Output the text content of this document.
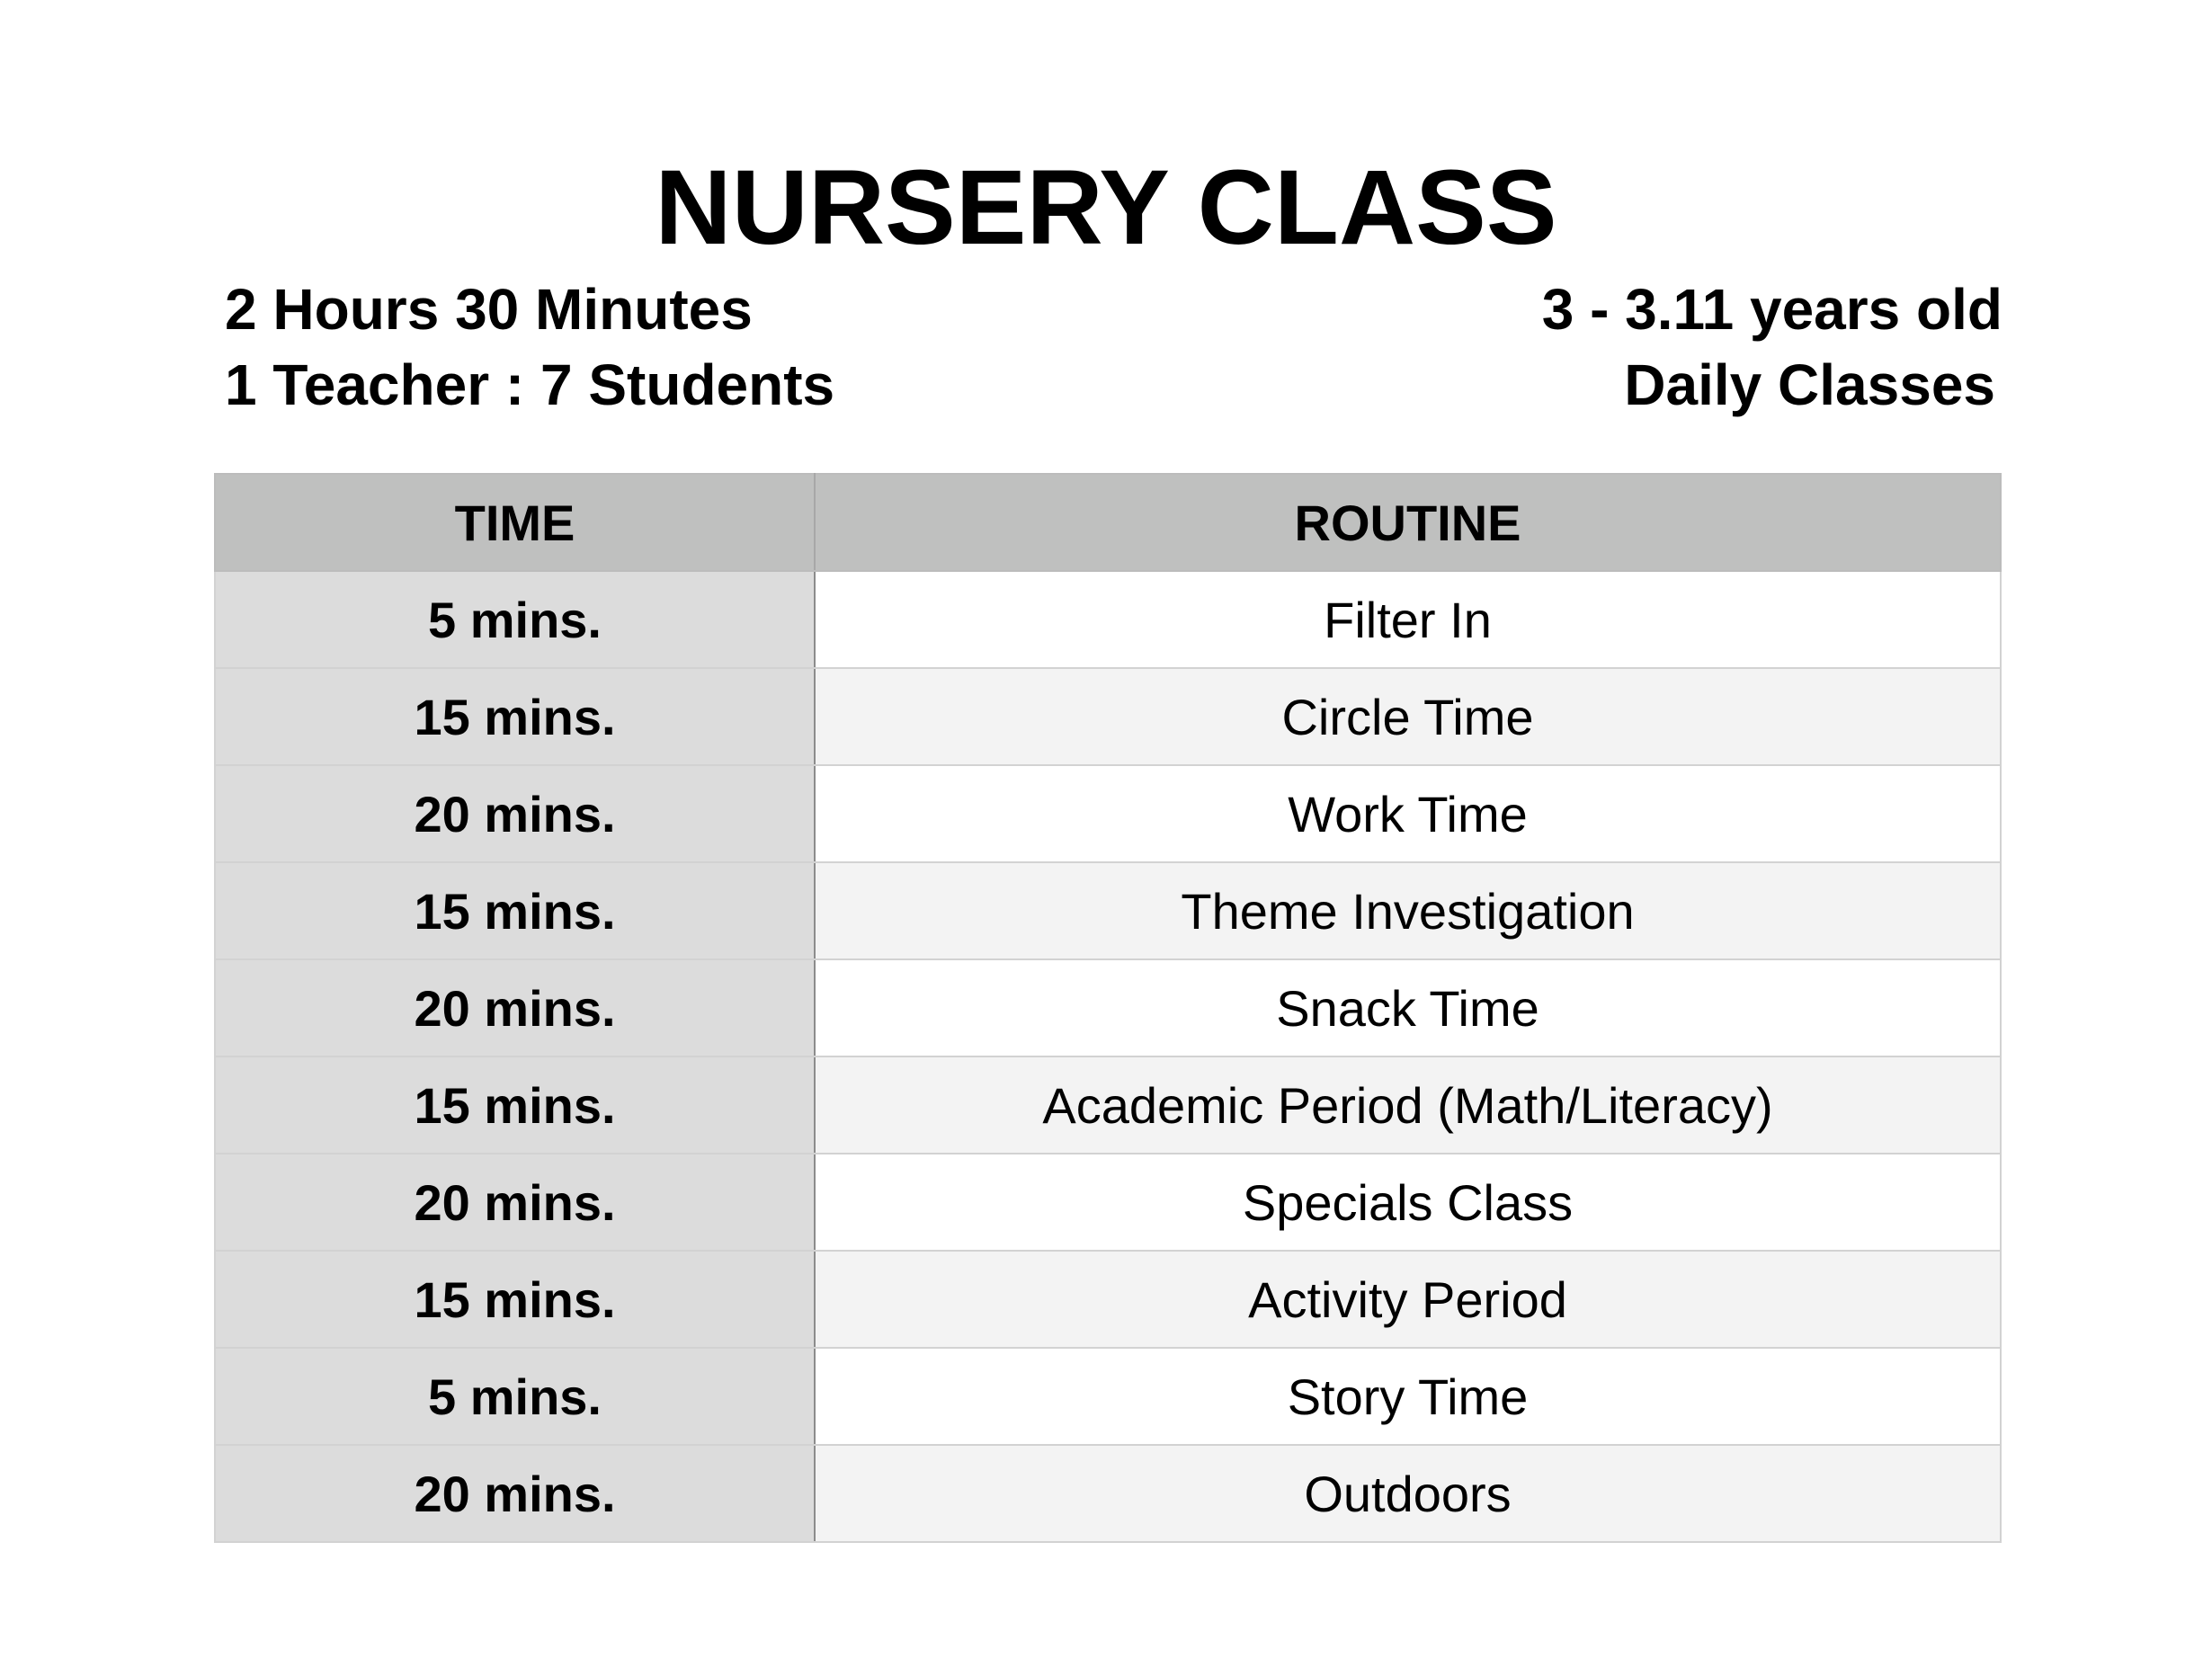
NURSERY CLASS
2 Hours 30 Minutes
1 Teacher : 7 Students
3 - 3.11 years old
Daily Classes
TIME	ROUTINE
5 mins.	Filter In
15 mins.	Circle Time
20 mins.	Work Time
15 mins.	Theme Investigation
20 mins.	Snack Time
15 mins.	Academic Period (Math/Literacy)
20 mins.	Specials Class
15 mins.	Activity Period
5 mins.	Story Time
20 mins.	Outdoors
